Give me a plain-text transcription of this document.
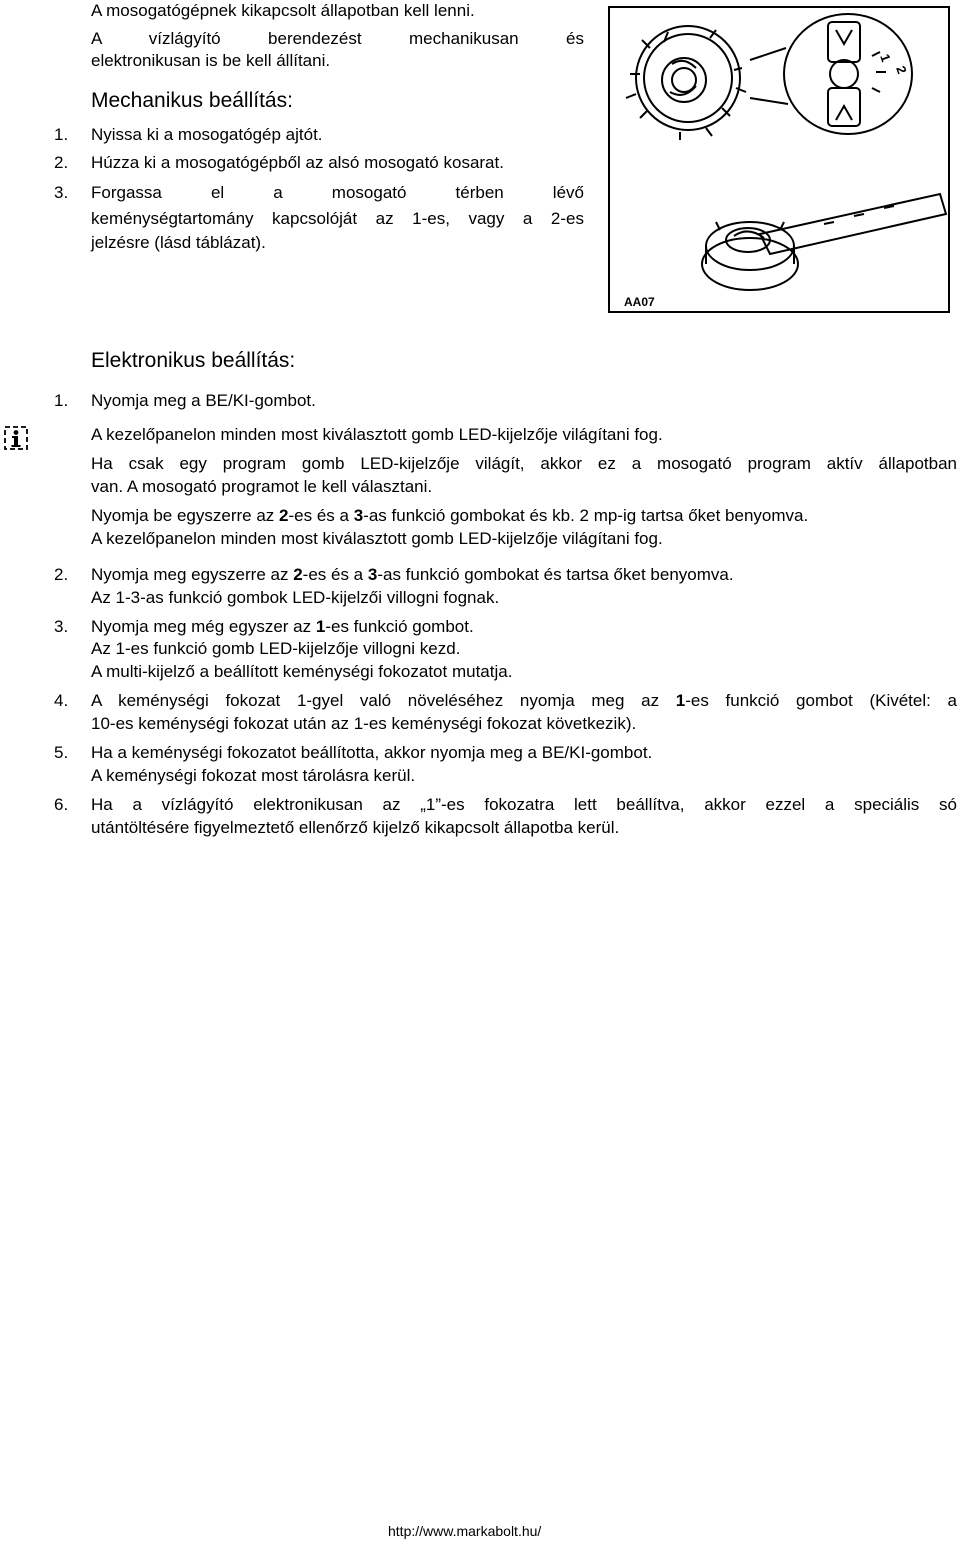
A mosogatógépnek kikapcsolt állapotban kell lenni.
A vízlágyító berendezést mechanikusan és
elektronikusan is be kell állítani.
Mechanikus beállítás:
1.	Nyissa ki a mosogatógép ajtót.
2.	Húzza ki a mosogatógépből az alsó mosogató kosarat.
3.	Forgassa el a mosogató térben lévő
keménységtartomány kapcsolóját az 1-es, vagy a 2-es
jelzésre (lásd táblázat).
1
2
AA07
Elektronikus beállítás:
1.	Nyomja meg a BE/KI-gombot.
A kezelőpanelon minden most kiválasztott gomb LED-kijelzője világítani fog.
Ha csak egy program gomb LED-kijelzője világít, akkor ez a mosogató program aktív állapotban
van. A mosogató programot le kell választani.
Nyomja be egyszerre az 2-es és a 3-as funkció gombokat és kb. 2 mp-ig tartsa őket benyomva.
A kezelőpanelon minden most kiválasztott gomb LED-kijelzője világítani fog.
2.	Nyomja meg egyszerre az 2-es és a 3-as funkció gombokat és tartsa őket benyomva.
Az 1-3-as funkció gombok LED-kijelzői villogni fognak.
3.	Nyomja meg még egyszer az 1-es funkció gombot.
Az 1-es funkció gomb LED-kijelzője villogni kezd.
A multi-kijelző a beállított keménységi fokozatot mutatja.
4.	A keménységi fokozat 1-gyel való növeléséhez nyomja meg az 1-es funkció gombot (Kivétel: a
10-es keménységi fokozat után az 1-es keménységi fokozat következik).
5.	Ha a keménységi fokozatot beállította, akkor nyomja meg a BE/KI-gombot.
A keménységi fokozat most tárolásra kerül.
6.	Ha a vízlágyító elektronikusan az „1”-es fokozatra lett beállítva, akkor ezzel a speciális só
utántöltésére figyelmeztető ellenőrző kijelző kikapcsolt állapotba kerül.
http://www.markabolt.hu/
